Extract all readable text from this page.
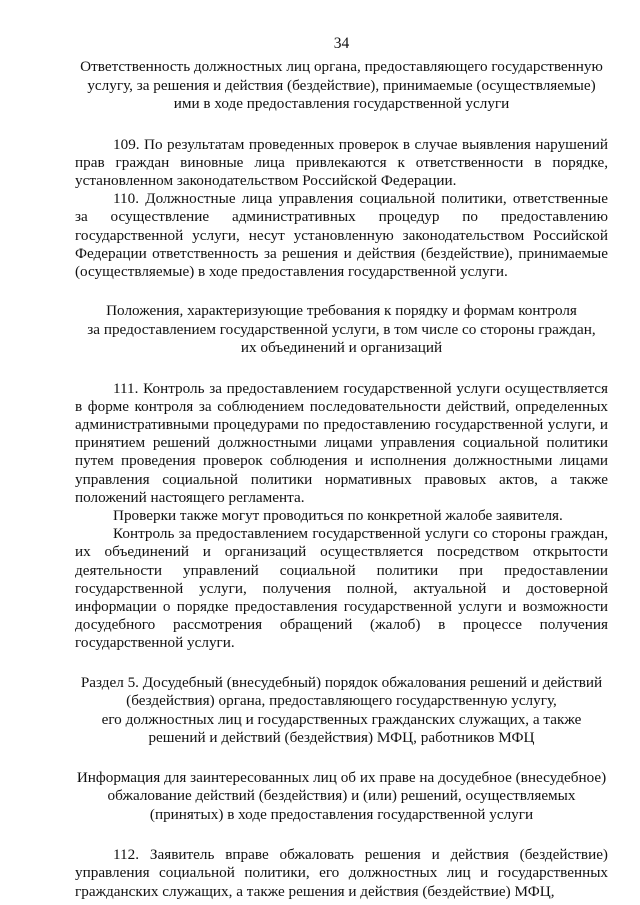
34
Ответственность должностных лиц органа, предоставляющего государственную
услугу, за решения и действия (бездействие), принимаемые (осуществляемые)
ими в ходе предоставления государственной услуги

109. По результатам проведенных проверок в случае выявления нарушений прав граждан виновные лица привлекаются к ответственности в порядке, установленном законодательством Российской Федерации.

110. Должностные лица управления социальной политики, ответственные за осуществление административных процедур по предоставлению государственной услуги, несут установленную законодательством Российской Федерации ответственность за решения и действия (бездействие), принимаемые (осуществляемые) в ходе предоставления государственной услуги.

Положения, характеризующие требования к порядку и формам контроля
за предоставлением государственной услуги, в том числе со стороны граждан,
их объединений и организаций

111. Контроль за предоставлением государственной услуги осуществляется в форме контроля за соблюдением последовательности действий, определенных административными процедурами по предоставлению государственной услуги, и принятием решений должностными лицами управления социальной политики путем проведения проверок соблюдения и исполнения должностными лицами управления социальной политики нормативных правовых актов, а также положений настоящего регламента.

Проверки также могут проводиться по конкретной жалобе заявителя.

Контроль за предоставлением государственной услуги со стороны граждан, их объединений и организаций осуществляется посредством открытости деятельности управлений социальной политики при предоставлении государственной услуги, получения полной, актуальной и достоверной информации о порядке предоставления государственной услуги и возможности досудебного рассмотрения обращений (жалоб) в процессе получения государственной услуги.

Раздел 5. Досудебный (внесудебный) порядок обжалования решений и действий
(бездействия) органа, предоставляющего государственную услугу,
его должностных лиц и государственных гражданских служащих, а также
решений и действий (бездействия) МФЦ, работников МФЦ
Информация для заинтересованных лиц об их праве на досудебное (внесудебное)
обжалование действий (бездействия) и (или) решений, осуществляемых
(принятых) в ходе предоставления государственной услуги

112. Заявитель вправе обжаловать решения и действия (бездействие) управления социальной политики, его должностных лиц и государственных гражданских служащих, а также решения и действия (бездействие) МФЦ,
